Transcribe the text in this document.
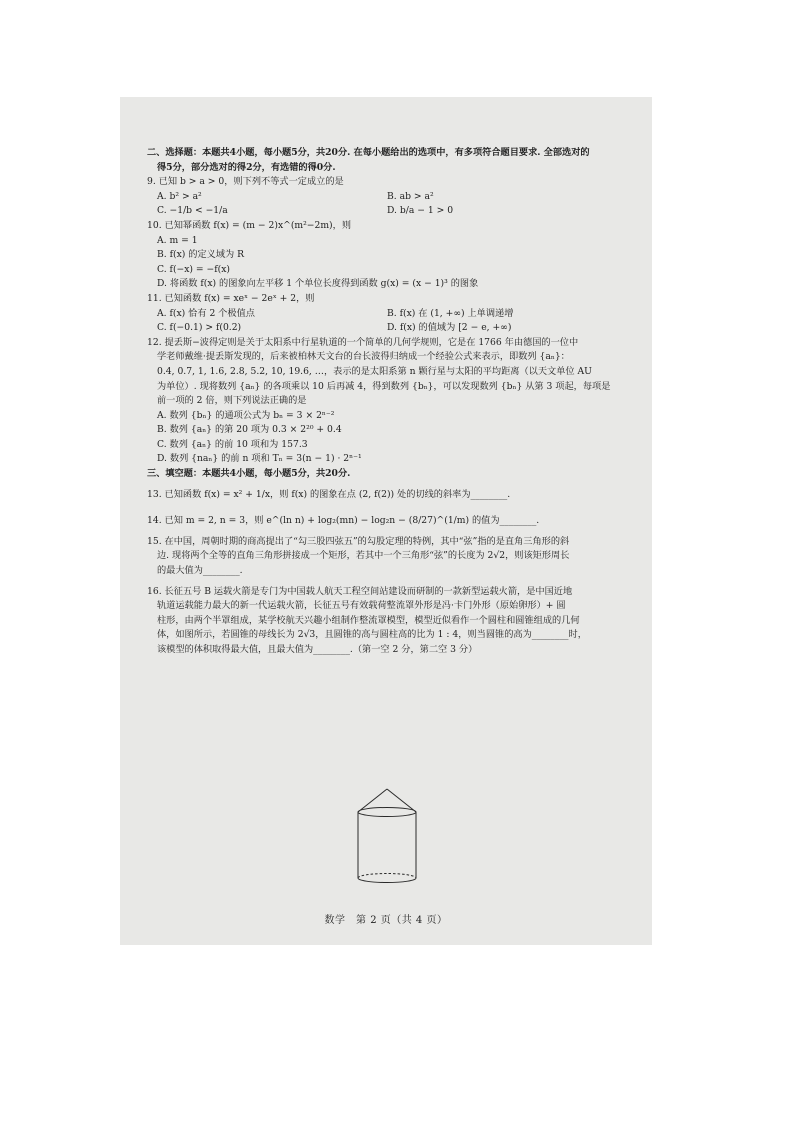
二、选择题：本题共4小题，每小题5分，共20分. 在每小题给出的选项中，有多项符合题目要求. 全部选对的
得5分，部分选对的得2分，有选错的得0分.
9. 已知 b > a > 0，则下列不等式一定成立的是
A. b² > a²	B. ab > a²
C. −1/b < −1/a	D. b/a − 1 > 0
10. 已知幂函数 f(x) = (m − 2)x^(m²−2m)，则
A. m = 1
B. f(x) 的定义域为 R
C. f(−x) = −f(x)
D. 将函数 f(x) 的图象向左平移 1 个单位长度得到函数 g(x) = (x − 1)³ 的图象
11. 已知函数 f(x) = xeˣ − 2eˣ + 2，则
A. f(x) 恰有 2 个极值点	B. f(x) 在 (1, +∞) 上单调递增
C. f(−0.1) > f(0.2)	D. f(x) 的值域为 [2 − e, +∞)
12. 提丢斯−波得定则是关于太阳系中行星轨道的一个简单的几何学规则，它是在 1766 年由德国的一位中
学老师戴维·提丢斯发现的，后来被柏林天文台的台长波得归纳成一个经验公式来表示，即数列 {aₙ}：
0.4, 0.7, 1, 1.6, 2.8, 5.2, 10, 19.6, …，表示的是太阳系第 n 颗行星与太阳的平均距离（以天文单位 AU
为单位）. 现将数列 {aₙ} 的各项乘以 10 后再减 4，得到数列 {bₙ}，可以发现数列 {bₙ} 从第 3 项起，每项是
前一项的 2 倍，则下列说法正确的是
A. 数列 {bₙ} 的通项公式为 bₙ = 3 × 2ⁿ⁻²
B. 数列 {aₙ} 的第 20 项为 0.3 × 2²⁰ + 0.4
C. 数列 {aₙ} 的前 10 项和为 157.3
D. 数列 {naₙ} 的前 n 项和 Tₙ = 3(n − 1) · 2ⁿ⁻¹
三、填空题：本题共4小题，每小题5分，共20分.
13. 已知函数 f(x) = x² + 1/x，则 f(x) 的图象在点 (2, f(2)) 处的切线的斜率为________.
14. 已知 m = 2, n = 3，则 e^(ln n) + log₂(mn) − log₂n − (8/27)^(1/m) 的值为________.
15. 在中国，周朝时期的商高提出了“勾三股四弦五”的勾股定理的特例，其中“弦”指的是直角三角形的斜
边. 现将两个全等的直角三角形拼接成一个矩形，若其中一个三角形“弦”的长度为 2√2，则该矩形周长
的最大值为________.
16. 长征五号 B 运载火箭是专门为中国载人航天工程空间站建设而研制的一款新型运载火箭，是中国近地
轨道运载能力最大的新一代运载火箭，长征五号有效载荷整流罩外形是冯·卡门外形（原始卵形）+ 圆
柱形，由两个半罩组成，某学校航天兴趣小组制作整流罩模型，模型近似看作一个圆柱和圆锥组成的几何
体，如图所示，若圆锥的母线长为 2√3，且圆锥的高与圆柱高的比为 1 : 4，则当圆锥的高为________时，
该模型的体积取得最大值，且最大值为________.（第一空 2 分，第二空 3 分）
数学　第 2 页（共 4 页）
